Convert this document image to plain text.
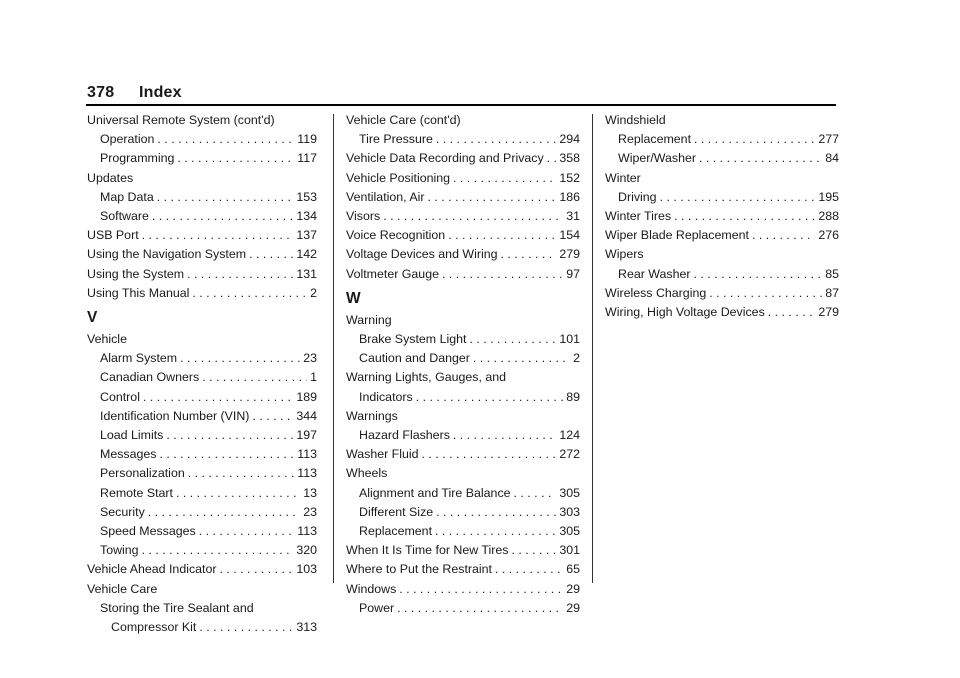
378 Index
Universal Remote System (cont'd)
Operation . . .	119
Programming . . .	117
Updates
Map Data . . .	153
Software . . .	134
USB Port . . .	137
Using the Navigation System . . .	142
Using the System . . .	131
Using This Manual . . .	2
V
Vehicle
Alarm System . . .	23
Canadian Owners . . .	1
Control . . .	189
Identification Number (VIN) . . .	344
Load Limits . . .	197
Messages . . .	113
Personalization . . .	113
Remote Start . . .	13
Security . . .	23
Speed Messages . . .	113
Towing . . .	320
Vehicle Ahead Indicator . . .	103
Vehicle Care
Storing the Tire Sealant and
Compressor Kit . . .	313
Vehicle Care (cont'd)
Tire Pressure . . .	294
Vehicle Data Recording and Privacy . . . 358
Vehicle Positioning . . .	152
Ventilation, Air . . .	186
Visors . . .	31
Voice Recognition . . .	154
Voltage Devices and Wiring . . .	279
Voltmeter Gauge . . .	97
W
Warning
Brake System Light . . .	101
Caution and Danger . . .	2
Warning Lights, Gauges, and
Indicators . . .	89
Warnings
Hazard Flashers . . .	124
Washer Fluid . . .	272
Wheels
Alignment and Tire Balance . . .	305
Different Size . . .	303
Replacement . . .	305
When It Is Time for New Tires . . .	301
Where to Put the Restraint . . .	65
Windows . . .	29
Power . . .	29
Windshield
Replacement . . .	277
Wiper/Washer . . .	84
Winter
Driving . . .	195
Winter Tires . . .	288
Wiper Blade Replacement . . .	276
Wipers
Rear Washer . . .	85
Wireless Charging . . .	87
Wiring, High Voltage Devices . . .	279
